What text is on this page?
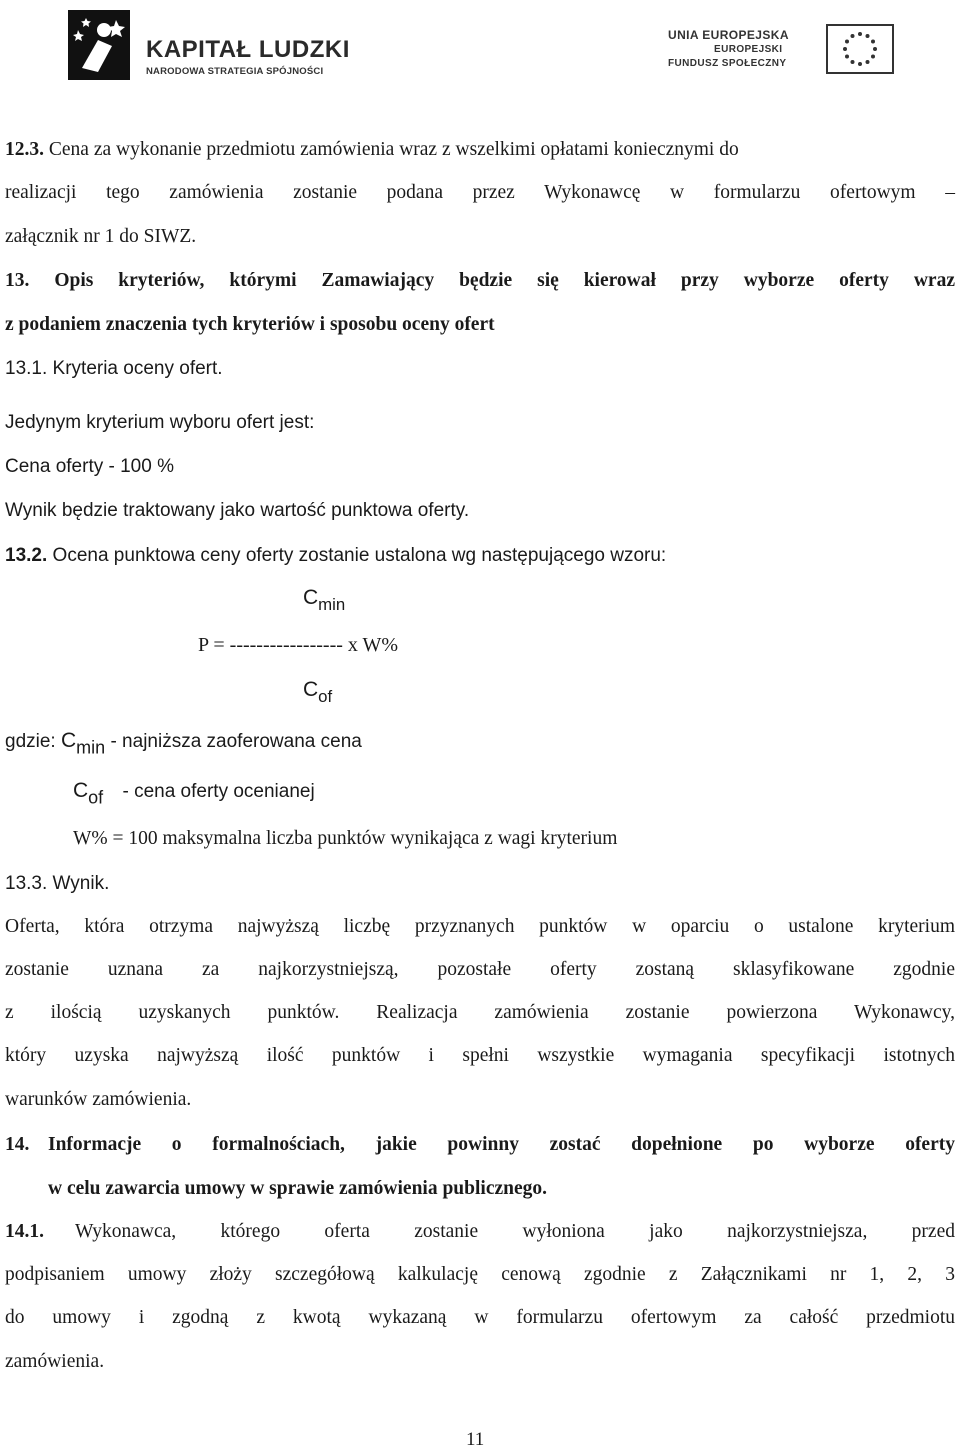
KAPITAŁ LUDZKI
NARODOWA STRATEGIA SPÓJNOŚCI
UNIA EUROPEJSKA
EUROPEJSKI
FUNDUSZ SPOŁECZNY
12.3. Cena za wykonanie przedmiotu zamówienia wraz z wszelkimi opłatami koniecznymi do
realizacji tego zamówienia zostanie podana przez Wykonawcę w formularzu ofertowym –
załącznik nr 1 do SIWZ.
13. Opis kryteriów, którymi Zamawiający będzie się kierował przy wyborze oferty wraz
z podaniem znaczenia tych kryteriów i sposobu oceny ofert
13.1. Kryteria oceny ofert.
Jedynym kryterium wyboru ofert jest:
Cena oferty - 100 %
Wynik będzie traktowany jako wartość punktowa oferty.
13.2. Ocena punktowa ceny oferty zostanie ustalona wg następującego wzoru:
$C_{min}$
P = ----------------- x W%
$C_{of}$
gdzie: $C_{min}$ - najniższa zaoferowana cena
$C_{of}$ - cena oferty ocenianej
W% = 100 maksymalna liczba punktów wynikająca z wagi kryterium
13.3. Wynik.
Oferta, która otrzyma najwyższą liczbę przyznanych punktów w oparciu o ustalone kryterium
zostanie uznana za najkorzystniejszą, pozostałe oferty zostaną sklasyfikowane zgodnie
z ilością uzyskanych punktów. Realizacja zamówienia zostanie powierzona Wykonawcy,
który uzyska najwyższą ilość punktów i spełni wszystkie wymagania specyfikacji istotnych
warunków zamówienia.
14. Informacje o formalnościach, jakie powinny zostać dopełnione po wyborze oferty
w celu zawarcia umowy w sprawie zamówienia publicznego.
14.1. Wykonawca, którego oferta zostanie wyłoniona jako najkorzystniejsza, przed
podpisaniem umowy złoży szczegółową kalkulację cenową zgodnie z Załącznikami nr 1, 2, 3
do umowy i zgodną z kwotą wykazaną w formularzu ofertowym za całość przedmiotu
zamówienia.
11
